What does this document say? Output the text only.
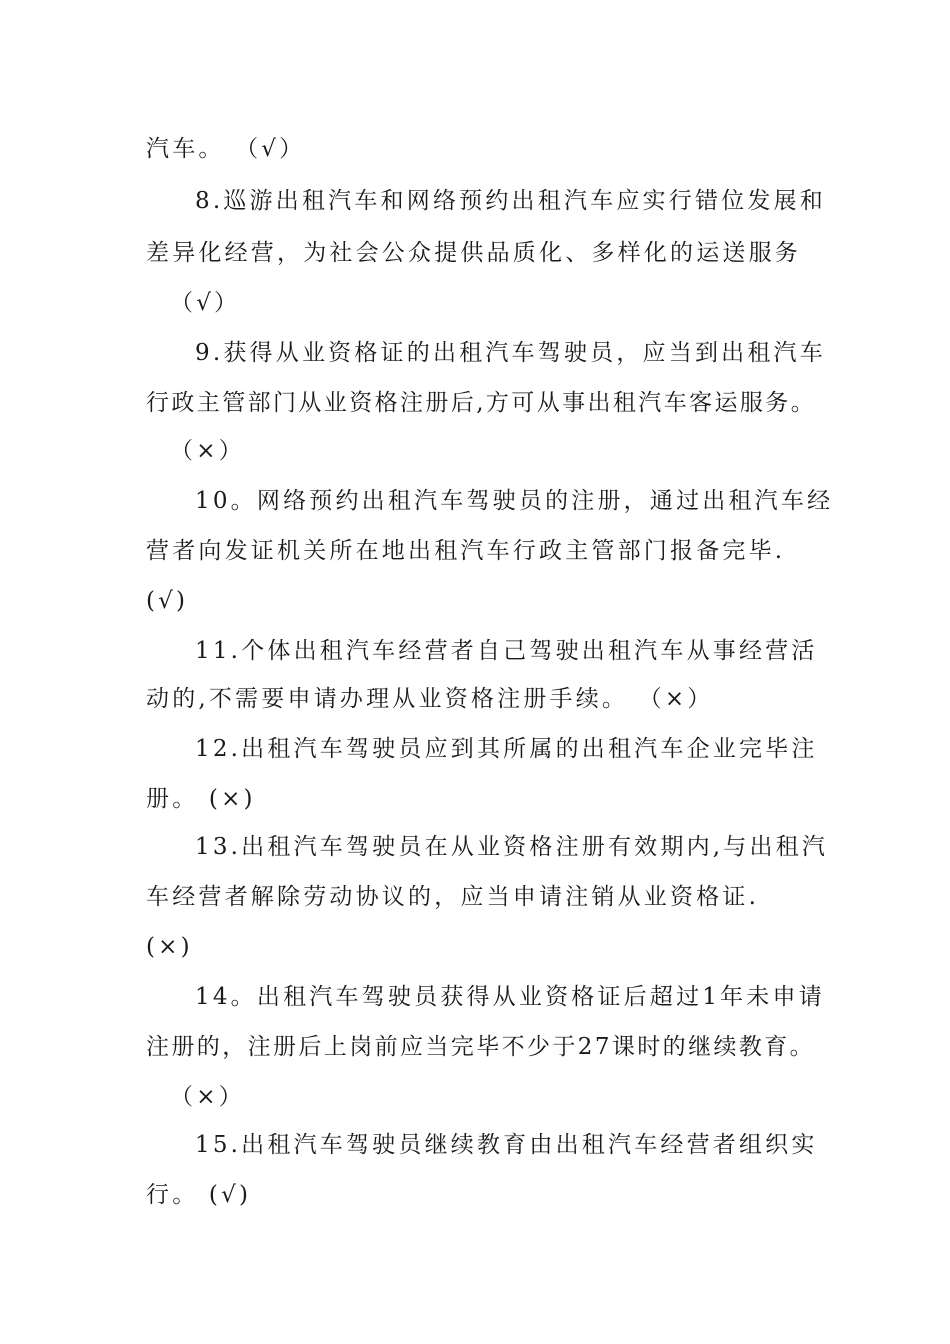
汽车。 （√）
8.巡游出租汽车和网络预约出租汽车应实行错位发展和
差异化经营，为社会公众提供品质化、多样化的运送服务
（√）
9.获得从业资格证的出租汽车驾驶员，应当到出租汽车
行政主管部门从业资格注册后,方可从事出租汽车客运服务。
（×）
10。网络预约出租汽车驾驶员的注册，通过出租汽车经
营者向发证机关所在地出租汽车行政主管部门报备完毕.
(√)
11.个体出租汽车经营者自己驾驶出租汽车从事经营活
动的,不需要申请办理从业资格注册手续。 （×）
12.出租汽车驾驶员应到其所属的出租汽车企业完毕注
册。 (×)
13.出租汽车驾驶员在从业资格注册有效期内,与出租汽
车经营者解除劳动协议的，应当申请注销从业资格证.
(×)
14。出租汽车驾驶员获得从业资格证后超过1年未申请
注册的，注册后上岗前应当完毕不少于27课时的继续教育。
（×）
15.出租汽车驾驶员继续教育由出租汽车经营者组织实
行。 (√)
